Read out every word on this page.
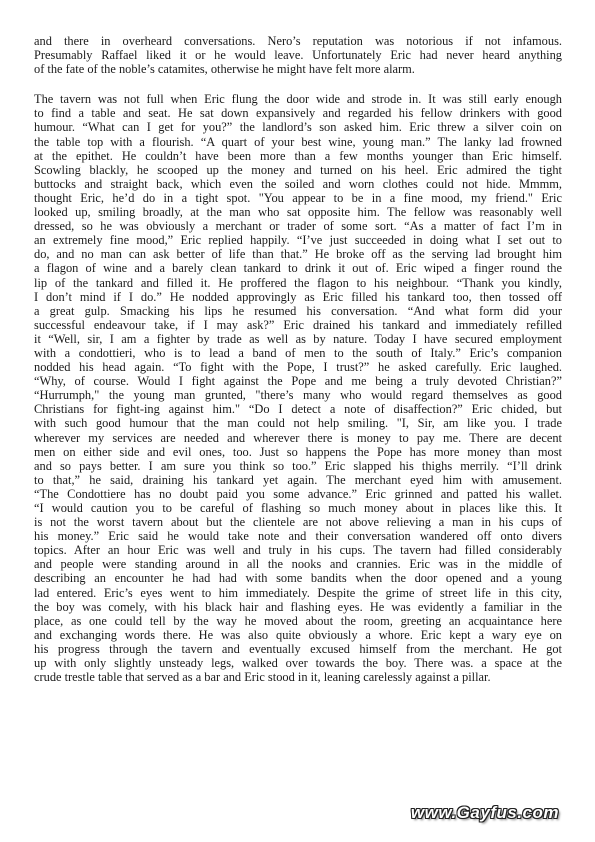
and there in overheard conversations. Nero’s reputation was notorious if not infamous.
Presumably Raffael liked it or he would leave. Unfortunately Eric had never heard anything
of the fate of the noble’s catamites, otherwise he might have felt more alarm.
The tavern was not full when Eric flung the door wide and strode in. It was still early enough
to find a table and seat. He sat down expansively and regarded his fellow drinkers with good
humour. “What can I get for you?” the landlord’s son asked him. Eric threw a silver coin on
the table top with a flourish. “A quart of your best wine, young man.” The lanky lad frowned
at the epithet. He couldn’t have been more than a few months younger than Eric himself.
Scowling blackly, he scooped up the money and turned on his heel. Eric admired the tight
buttocks and straight back, which even the soiled and worn clothes could not hide. Mmmm,
thought Eric, he’d do in a tight spot. "You appear to be in a fine mood, my friend." Eric
looked up, smiling broadly, at the man who sat opposite him. The fellow was reasonably well
dressed, so he was obviously a merchant or trader of some sort. “As a matter of fact I’m in
an extremely fine mood,” Eric replied happily. “I’ve just succeeded in doing what I set out to
do, and no man can ask better of life than that.” He broke off as the serving lad brought him
a flagon of wine and a barely clean tankard to drink it out of. Eric wiped a finger round the
lip of the tankard and filled it. He proffered the flagon to his neighbour. “Thank you kindly,
I don’t mind if I do.” He nodded approvingly as Eric filled his tankard too, then tossed off
a great gulp. Smacking his lips he resumed his conversation. “And what form did your
successful endeavour take, if I may ask?” Eric drained his tankard and immediately refilled
it “Well, sir, I am a fighter by trade as well as by nature. Today I have secured employment
with a condottieri, who is to lead a band of men to the south of Italy.” Eric’s companion
nodded his head again. “To fight with the Pope, I trust?” he asked carefully. Eric laughed.
“Why, of course. Would I fight against the Pope and me being a truly devoted Christian?”
“Hurrumph," the young man grunted, "there’s many who would regard themselves as good
Christians for fight-ing against him." “Do I detect a note of disaffection?” Eric chided, but
with such good humour that the man could not help smiling. "I, Sir, am like you. I trade
wherever my services are needed and wherever there is money to pay me. There are decent
men on either side and evil ones, too. Just so happens the Pope has more money than most
and so pays better. I am sure you think so too.” Eric slapped his thighs merrily. “I’ll drink
to that,” he said, draining his tankard yet again. The merchant eyed him with amusement.
“The Condottiere has no doubt paid you some advance.” Eric grinned and patted his wallet.
“I would caution you to be careful of flashing so much money about in places like this. It
is not the worst tavern about but the clientele are not above relieving a man in his cups of
his money.” Eric said he would take note and their conversation wandered off onto divers
topics. After an hour Eric was well and truly in his cups. The tavern had filled considerably
and people were standing around in all the nooks and crannies. Eric was in the middle of
describing an encounter he had had with some bandits when the door opened and a young
lad entered. Eric’s eyes went to him immediately. Despite the grime of street life in this city,
the boy was comely, with his black hair and flashing eyes. He was evidently a familiar in the
place, as one could tell by the way he moved about the room, greeting an acquaintance here
and exchanging words there. He was also quite obviously a whore. Eric kept a wary eye on
his progress through the tavern and eventually excused himself from the merchant. He got
up with only slightly unsteady legs, walked over towards the boy. There was. a space at the
crude trestle table that served as a bar and Eric stood in it, leaning carelessly against a pillar.
www.Gayfus.com
